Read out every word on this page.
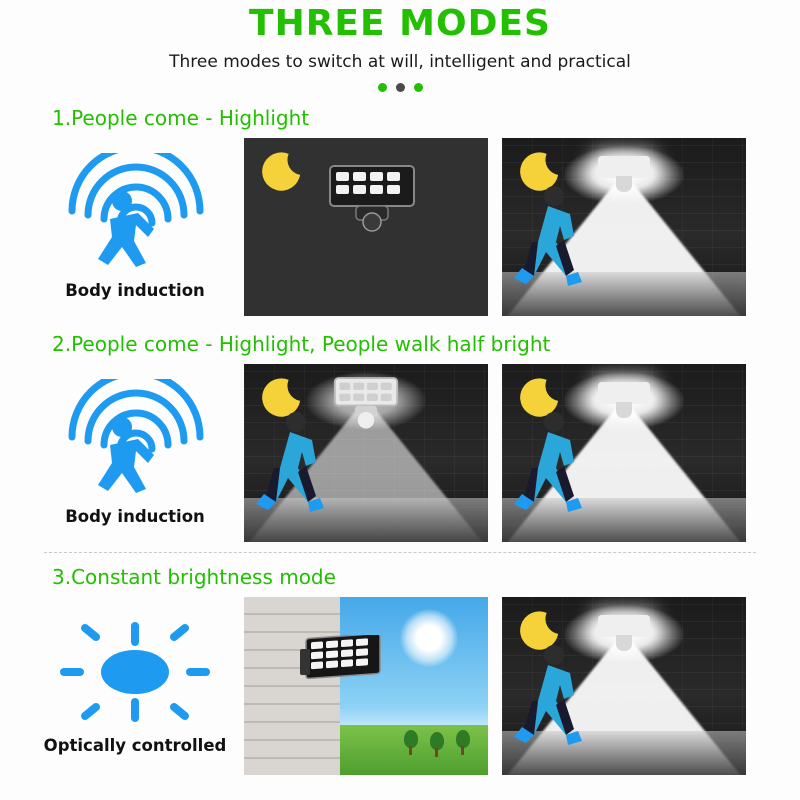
THREE MODES
Three modes to switch at will, intelligent and practical
1.People come - Highlight
Body induction
2.People come - Highlight, People walk half bright
Body induction
3.Constant brightness mode
Optically controlled
